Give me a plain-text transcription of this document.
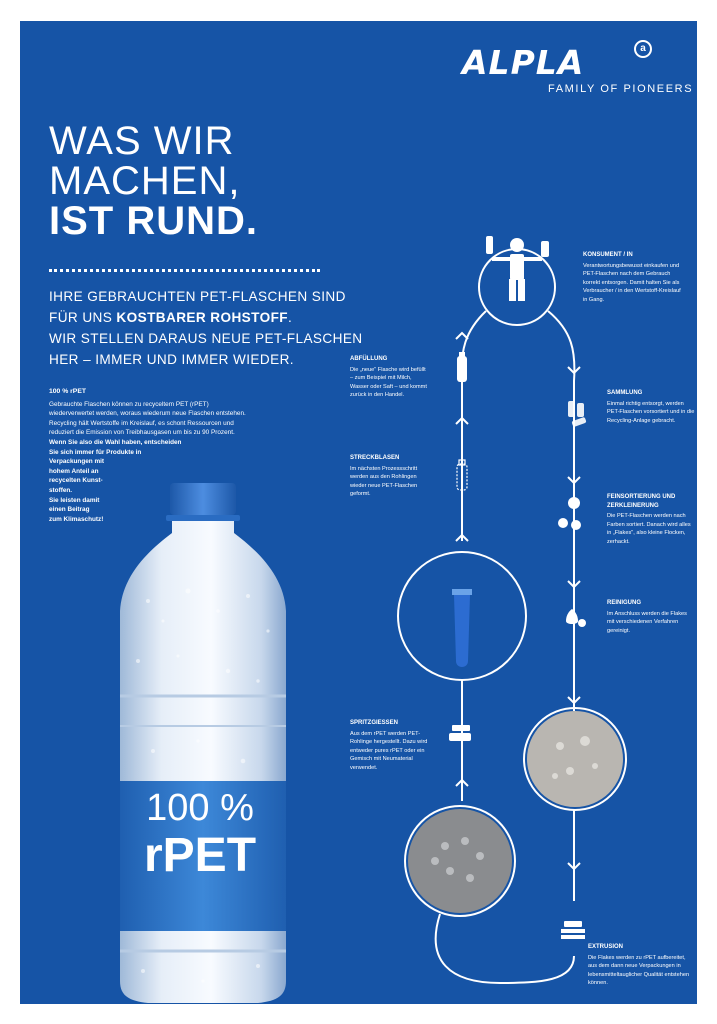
ALPLA	a
FAMILY OF PIONEERS
WAS WIR
MACHEN,
IST RUND.
IHRE GEBRAUCHTEN PET-FLASCHEN SIND
FÜR UNS KOSTBARER ROHSTOFF.
WIR STELLEN DARAUS NEUE PET-FLASCHEN
HER – IMMER UND IMMER WIEDER.
100 % rPET
Gebrauchte Flaschen können zu recyceltem PET (rPET) wiederverwertet werden, woraus wiederum neue Flaschen entstehen. Recycling hält Wertstoffe im Kreislauf, es schont Ressourcen und reduziert die Emission von Treibhausgasen um bis zu 90 Prozent.
Wenn Sie also die Wahl haben, entscheiden
Sie sich immer für Produkte in
Verpackungen mit
hohem Anteil an
recycelten Kunst-
stoffen.
Sie leisten damit
einen Beitrag
zum Klimaschutz!
100 %
rPET
KONSUMENT / IN
Verantwortungsbewusst einkaufen und PET-Flaschen nach dem Gebrauch korrekt entsorgen. Damit halten Sie als Verbraucher / in den Wertstoff-Kreislauf in Gang.
SAMMLUNG
Einmal richtig entsorgt, werden PET-Flaschen vorsortiert und in die Recycling-Anlage gebracht.
FEINSORTIERUNG UND ZERKLEINERUNG
Die PET-Flaschen werden nach Farben sortiert. Danach wird alles in „Flakes", also kleine Flocken, zerhackt.
REINIGUNG
Im Anschluss werden die Flakes mit verschiedenen Verfahren gereinigt.
EXTRUSION
Die Flakes werden zu rPET aufbereitet, aus dem dann neue Verpackungen in lebensmitteltauglicher Qualität entstehen können.
SPRITZGIESSEN
Aus dem rPET werden PET-Rohlinge hergestellt. Dazu wird entweder pures rPET oder ein Gemisch mit Neumaterial verwendet.
STRECKBLASEN
Im nächsten Prozessschritt werden aus den Rohlingen wieder neue PET-Flaschen geformt.
ABFÜLLUNG
Die „neue" Flasche wird befüllt – zum Beispiel mit Milch, Wasser oder Saft – und kommt zurück in den Handel.
